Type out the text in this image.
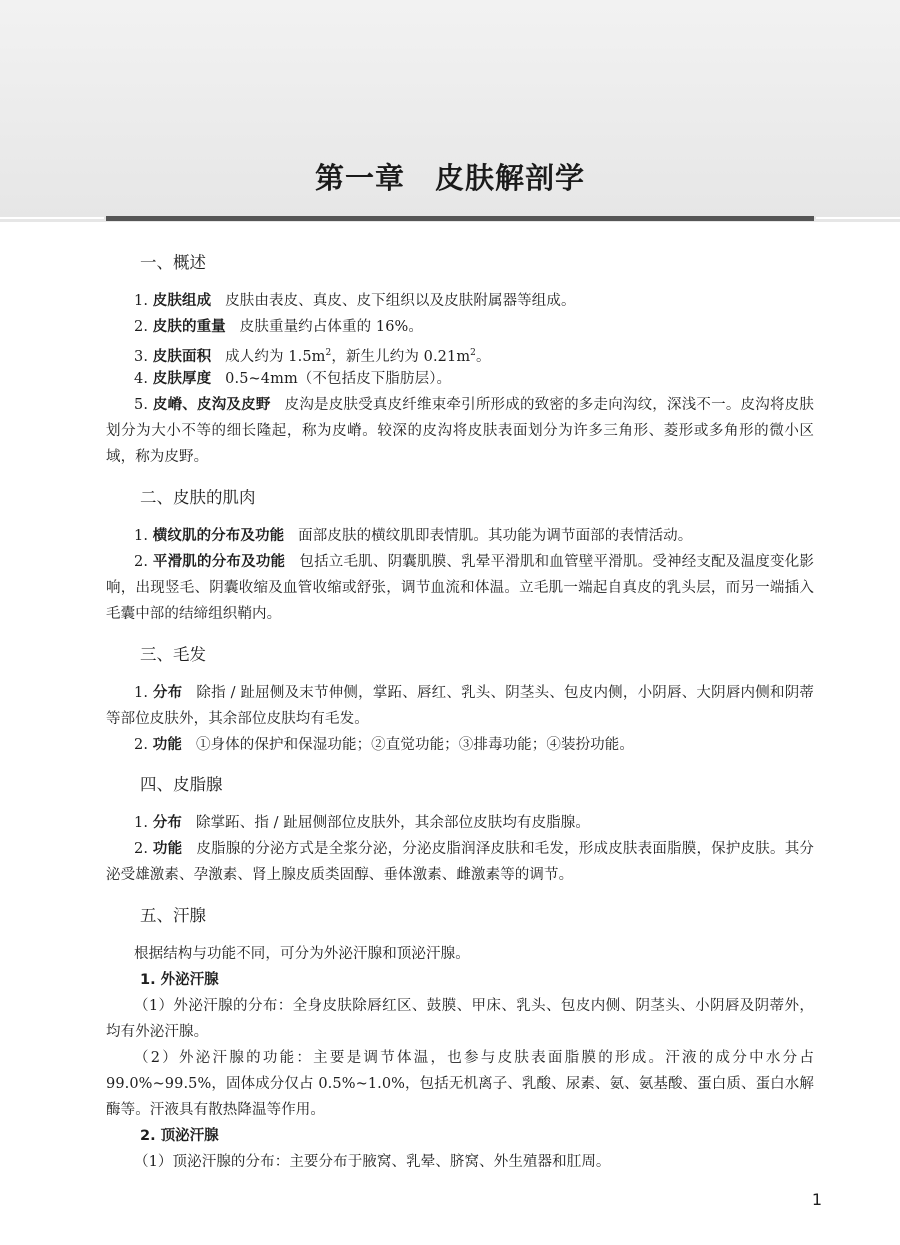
第一章　皮肤解剖学
一、概述
1. 皮肤组成 皮肤由表皮、真皮、皮下组织以及皮肤附属器等组成。
2. 皮肤的重量 皮肤重量约占体重的 16%。
3. 皮肤面积 成人约为 $1.5m^2$，新生儿约为 $0.21m^2$。
4. 皮肤厚度 0.5~4mm（不包括皮下脂肪层）。
5. 皮嵴、皮沟及皮野 皮沟是皮肤受真皮纤维束牵引所形成的致密的多走向沟纹，深浅不一。皮沟将皮肤划分为大小不等的细长隆起，称为皮嵴。较深的皮沟将皮肤表面划分为许多三角形、菱形或多角形的微小区域，称为皮野。
二、皮肤的肌肉
1. 横纹肌的分布及功能 面部皮肤的横纹肌即表情肌。其功能为调节面部的表情活动。
2. 平滑肌的分布及功能 包括立毛肌、阴囊肌膜、乳晕平滑肌和血管壁平滑肌。受神经支配及温度变化影响，出现竖毛、阴囊收缩及血管收缩或舒张，调节血流和体温。立毛肌一端起自真皮的乳头层，而另一端插入毛囊中部的结缔组织鞘内。
三、毛发
1. 分布 除指 / 趾屈侧及末节伸侧，掌跖、唇红、乳头、阴茎头、包皮内侧，小阴唇、大阴唇内侧和阴蒂等部位皮肤外，其余部位皮肤均有毛发。
2. 功能 ①身体的保护和保湿功能；②直觉功能；③排毒功能；④装扮功能。
四、皮脂腺
1. 分布 除掌跖、指 / 趾屈侧部位皮肤外，其余部位皮肤均有皮脂腺。
2. 功能 皮脂腺的分泌方式是全浆分泌，分泌皮脂润泽皮肤和毛发，形成皮肤表面脂膜，保护皮肤。其分泌受雄激素、孕激素、肾上腺皮质类固醇、垂体激素、雌激素等的调节。
五、汗腺
根据结构与功能不同，可分为外泌汗腺和顶泌汗腺。
1. 外泌汗腺
（1）外泌汗腺的分布：全身皮肤除唇红区、鼓膜、甲床、乳头、包皮内侧、阴茎头、小阴唇及阴蒂外，均有外泌汗腺。
（2）外泌汗腺的功能：主要是调节体温，也参与皮肤表面脂膜的形成。汗液的成分中水分占 99.0%~99.5%，固体成分仅占 0.5%~1.0%，包括无机离子、乳酸、尿素、氨、氨基酸、蛋白质、蛋白水解酶等。汗液具有散热降温等作用。
2. 顶泌汗腺
（1）顶泌汗腺的分布：主要分布于腋窝、乳晕、脐窝、外生殖器和肛周。
1
